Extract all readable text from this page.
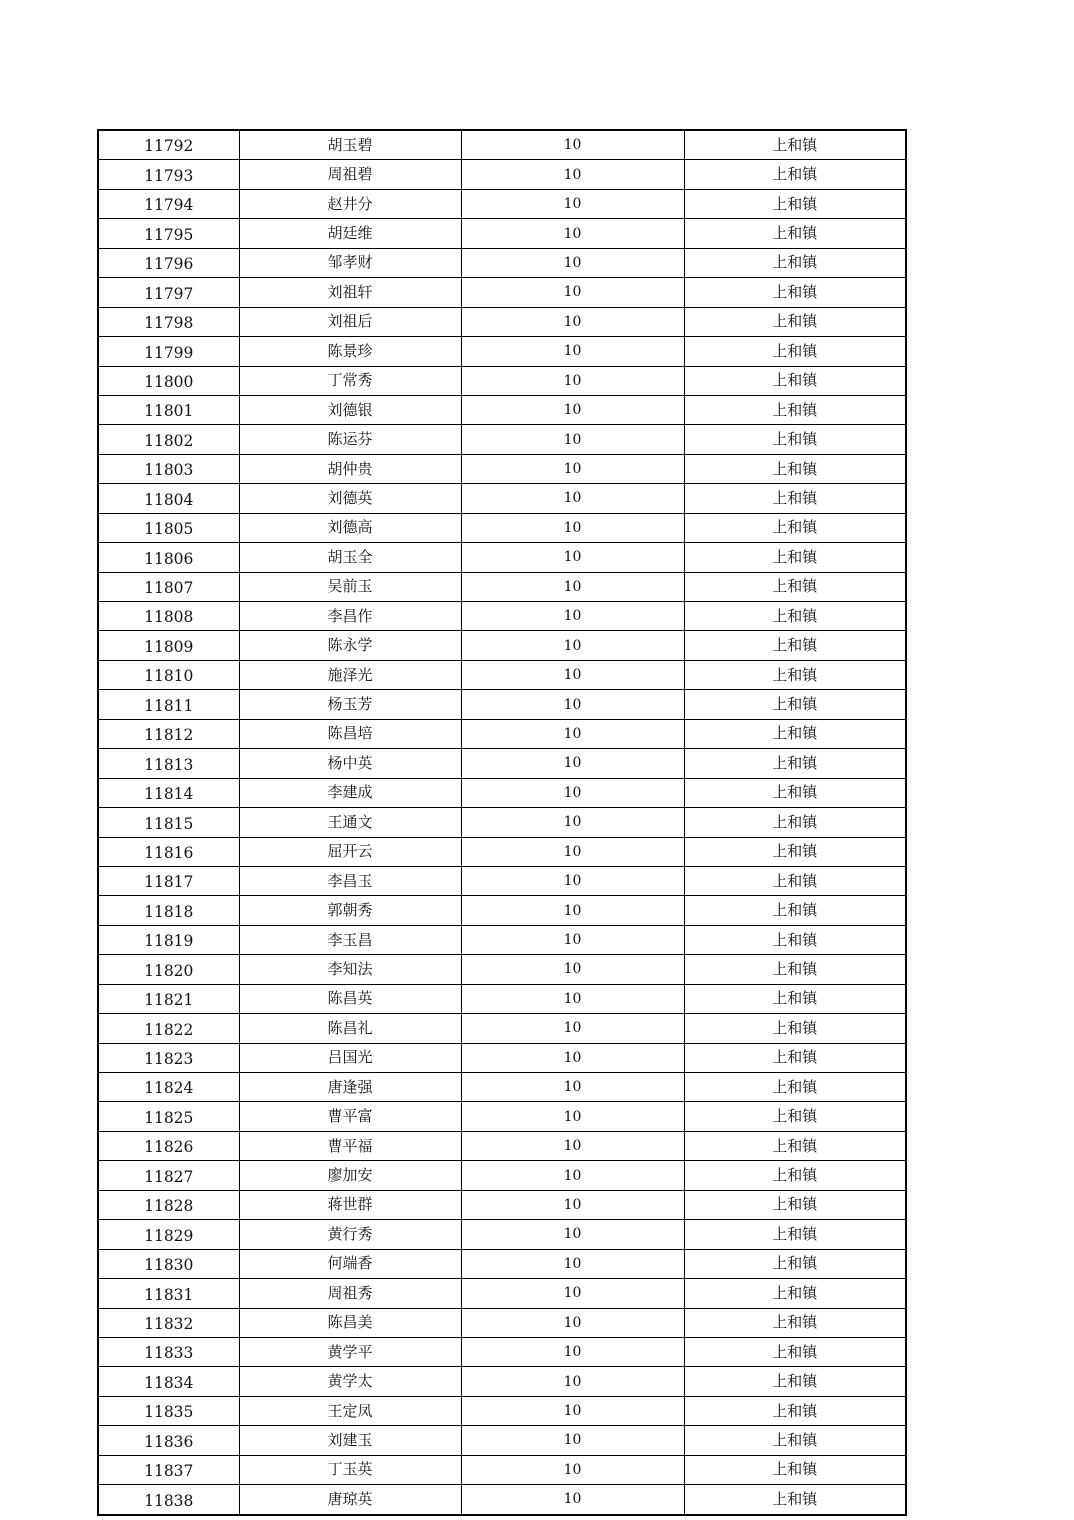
11792	胡玉碧	10	上和镇
11793	周祖碧	10	上和镇
11794	赵井分	10	上和镇
11795	胡廷维	10	上和镇
11796	邹孝财	10	上和镇
11797	刘祖轩	10	上和镇
11798	刘祖后	10	上和镇
11799	陈景珍	10	上和镇
11800	丁常秀	10	上和镇
11801	刘德银	10	上和镇
11802	陈运芬	10	上和镇
11803	胡仲贵	10	上和镇
11804	刘德英	10	上和镇
11805	刘德高	10	上和镇
11806	胡玉全	10	上和镇
11807	吴前玉	10	上和镇
11808	李昌作	10	上和镇
11809	陈永学	10	上和镇
11810	施泽光	10	上和镇
11811	杨玉芳	10	上和镇
11812	陈昌培	10	上和镇
11813	杨中英	10	上和镇
11814	李建成	10	上和镇
11815	王通文	10	上和镇
11816	屈开云	10	上和镇
11817	李昌玉	10	上和镇
11818	郭朝秀	10	上和镇
11819	李玉昌	10	上和镇
11820	李知法	10	上和镇
11821	陈昌英	10	上和镇
11822	陈昌礼	10	上和镇
11823	吕国光	10	上和镇
11824	唐逢强	10	上和镇
11825	曹平富	10	上和镇
11826	曹平福	10	上和镇
11827	廖加安	10	上和镇
11828	蒋世群	10	上和镇
11829	黄行秀	10	上和镇
11830	何端香	10	上和镇
11831	周祖秀	10	上和镇
11832	陈昌美	10	上和镇
11833	黄学平	10	上和镇
11834	黄学太	10	上和镇
11835	王定凤	10	上和镇
11836	刘建玉	10	上和镇
11837	丁玉英	10	上和镇
11838	唐琼英	10	上和镇
